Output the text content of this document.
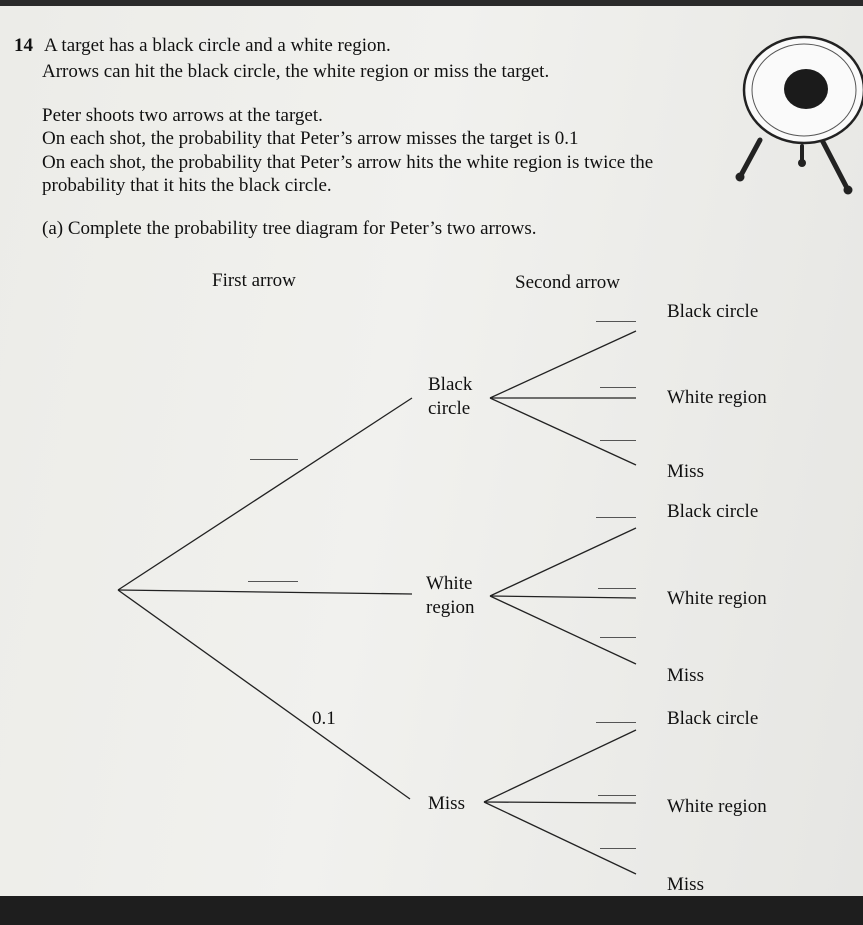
14 A target has a black circle and a white region.
Arrows can hit the black circle, the white region or miss the target.
Peter shoots two arrows at the target.
On each shot, the probability that Peter’s arrow misses the target is 0.1
On each shot, the probability that Peter’s arrow hits the white region is twice the
probability that it hits the black circle.
(a) Complete the probability tree diagram for Peter’s two arrows.
First arrow	Second arrow
Black
circle
White
region
Miss
0.1
Black circle
White region
Miss
Black circle
White region
Miss
Black circle
White region
Miss
